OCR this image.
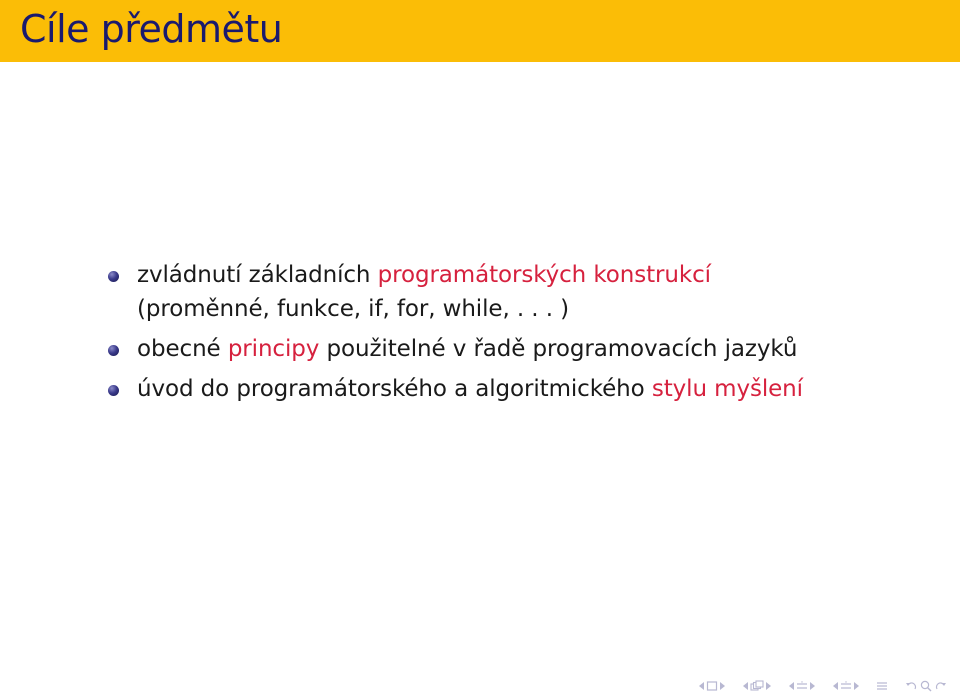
Cíle předmětu
zvládnutí základních programátorských konstrukcí
(proměnné, funkce, if, for, while, . . . )
obecné principy použitelné v řadě programovacích jazyků
úvod do programátorského a algoritmického stylu myšlení
